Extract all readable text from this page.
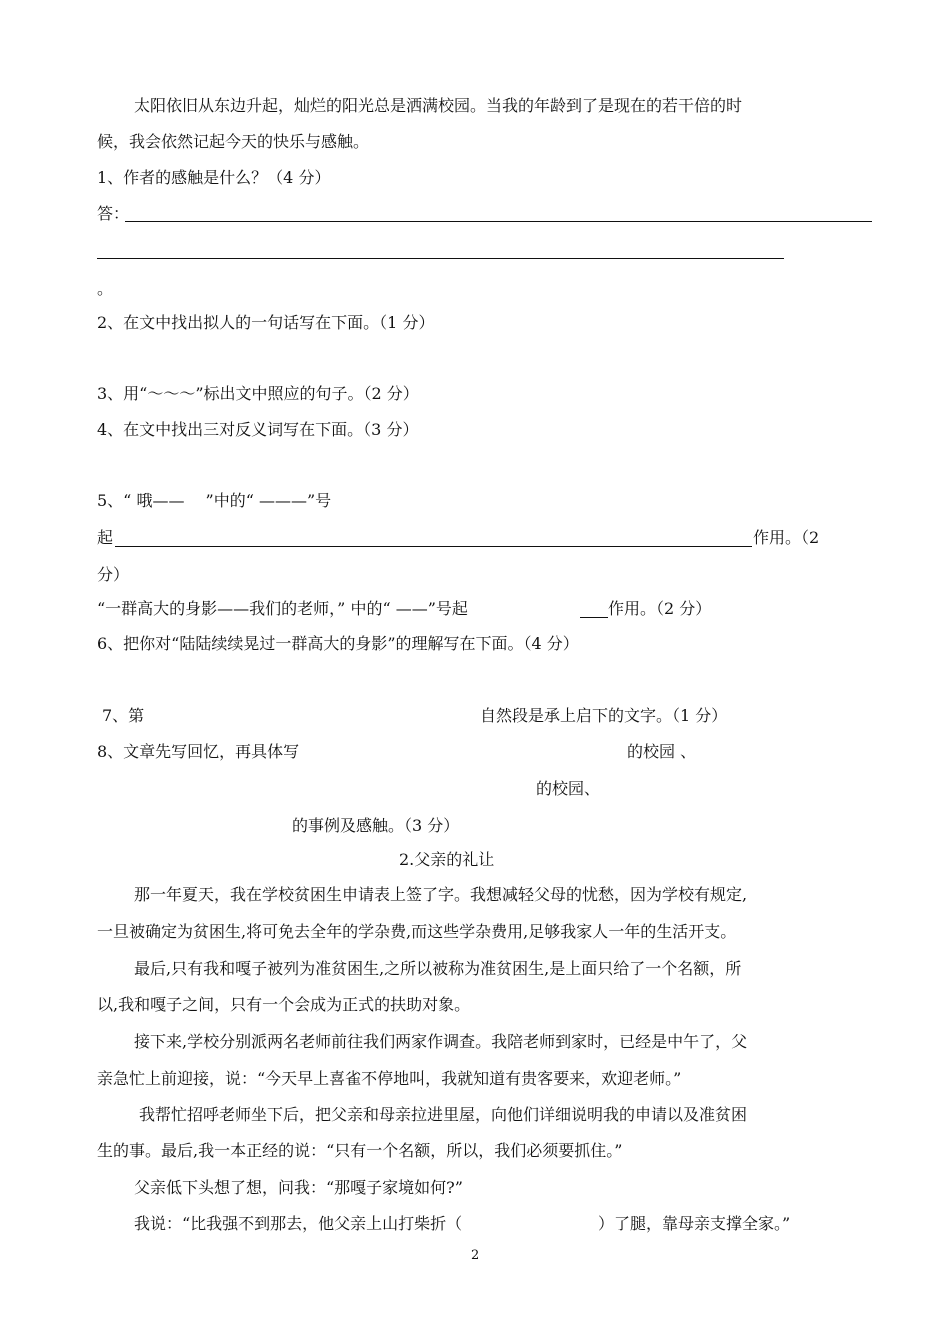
太阳依旧从东边升起，灿烂的阳光总是洒满校园。当我的年龄到了是现在的若干倍的时
候，我会依然记起今天的快乐与感触。
1、作者的感触是什么？（4 分）
答：
。
2、在文中找出拟人的一句话写在下面。（1 分）
3、用“～～～”标出文中照应的句子。（2 分）
4、在文中找出三对反义词写在下面。（3 分）
5、“ 哦——　 ”中的“ ———”号
起	作用。（2
分）
“一群高大的身影——我们的老师，” 中的“ ——”号起	作用。（2 分）
6、把你对“陆陆续续晃过一群高大的身影”的理解写在下面。（4 分）
7、第	自然段是承上启下的文字。（1 分）
8、文章先写回忆，再具体写	的校园 、
的校园、
的事例及感触。（3 分）
2.父亲的礼让
那一年夏天，我在学校贫困生申请表上签了字。我想减轻父母的忧愁，因为学校有规定,
一旦被确定为贫困生,将可免去全年的学杂费,而这些学杂费用,足够我家人一年的生活开支。
最后,只有我和嘎子被列为准贫困生,之所以被称为准贫困生,是上面只给了一个名额，所
以,我和嘎子之间，只有一个会成为正式的扶助对象。
接下来,学校分别派两名老师前往我们两家作调查。我陪老师到家时，已经是中午了，父
亲急忙上前迎接，说：“今天早上喜雀不停地叫，我就知道有贵客要来，欢迎老师。”
我帮忙招呼老师坐下后，把父亲和母亲拉进里屋，向他们详细说明我的申请以及准贫困
生的事。最后,我一本正经的说：“只有一个名额，所以，我们必须要抓住。”
父亲低下头想了想，问我：“那嘎子家境如何?”
我说：“比我强不到那去，他父亲上山打柴折（	）了腿，靠母亲支撑全家。”
2
